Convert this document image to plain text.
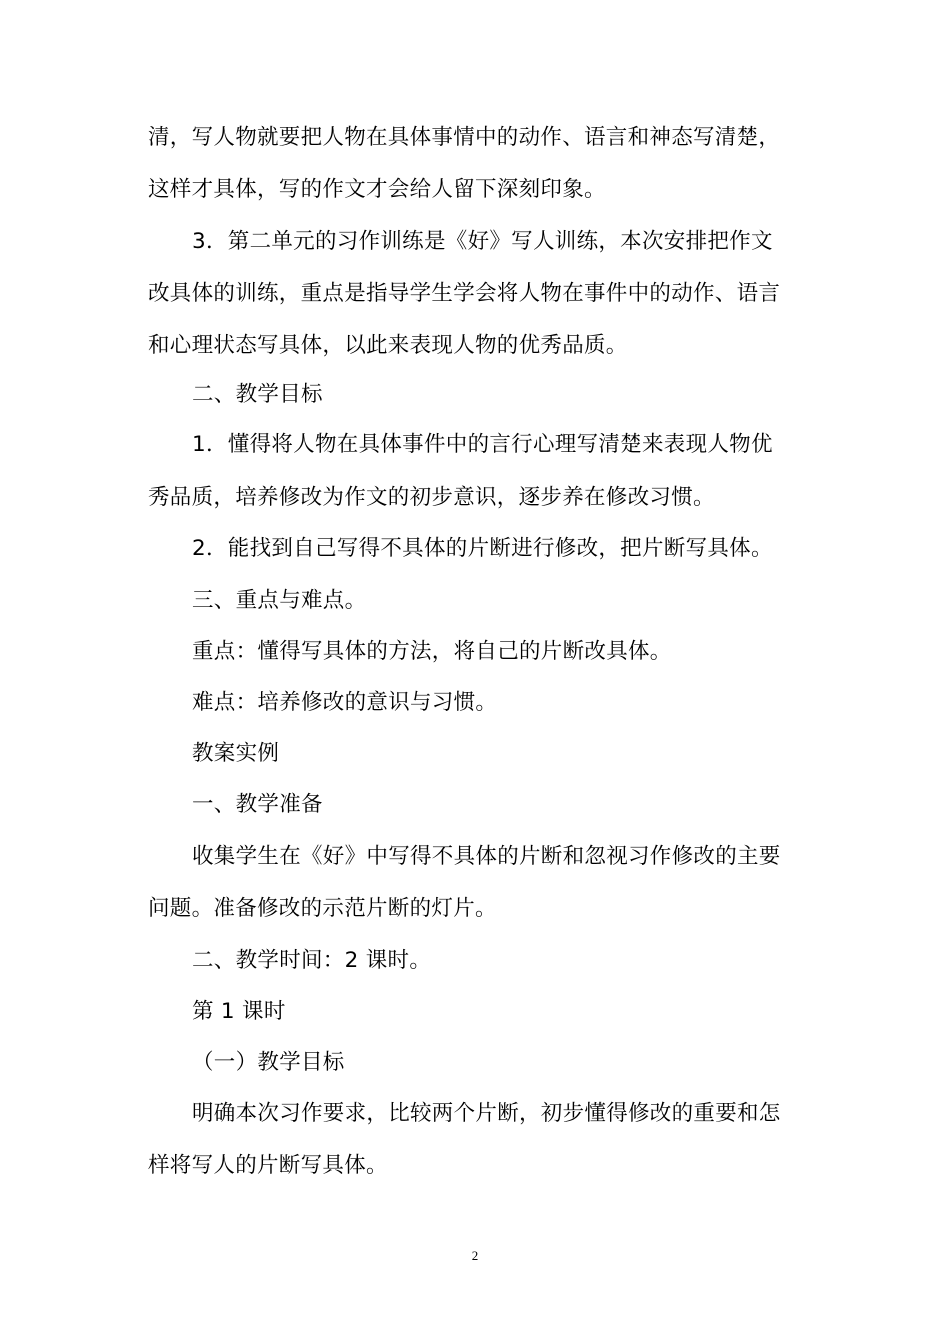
清，写人物就要把人物在具体事情中的动作、语言和神态写清楚，
这样才具体，写的作文才会给人留下深刻印象。
3．第二单元的习作训练是《好》写人训练，本次安排把作文
改具体的训练，重点是指导学生学会将人物在事件中的动作、语言
和心理状态写具体，以此来表现人物的优秀品质。
二、教学目标
1．懂得将人物在具体事件中的言行心理写清楚来表现人物优
秀品质，培养修改为作文的初步意识，逐步养在修改习惯。
2．能找到自己写得不具体的片断进行修改，把片断写具体。
三、重点与难点。
重点：懂得写具体的方法，将自己的片断改具体。
难点：培养修改的意识与习惯。
教案实例
一、教学准备
收集学生在《好》中写得不具体的片断和忽视习作修改的主要
问题。准备修改的示范片断的灯片。
二、教学时间：2 课时。
第 1 课时
（一）教学目标
明确本次习作要求，比较两个片断，初步懂得修改的重要和怎
样将写人的片断写具体。
2
